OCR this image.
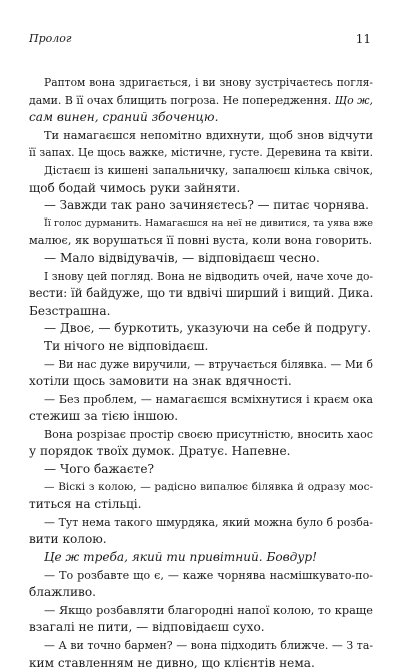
Пролог	11
Раптом вона здригається, і ви знову зустрічаєтесь погля-
дами. В її очах блищить погроза. Не попередження. Що ж,
сам винен, сраний збоченцю.
Ти намагаєшся непомітно вдихнути, щоб знов відчути
її запах. Це щось важке, містичне, густе. Деревина та квіти.
Дістаєш із кишені запальничку, запалюєш кілька свічок,
щоб бодай чимось руки зайняти.
— Завжди так рано зачиняєтесь? — питає чорнява.
Її голос дурманить. Намагаєшся на неї не дивитися, та уява вже
малює, як ворушаться її повні вуста, коли вона говорить.
— Мало відвідувачів, — відповідаєш чесно.
І знову цей погляд. Вона не відводить очей, наче хоче до-
вести: їй байдуже, що ти вдвічі ширший і вищий. Дика.
Безстрашна.
— Двоє, — буркотить, указуючи на себе й подругу.
Ти нічого не відповідаєш.
— Ви нас дуже виручили, — втручається білявка. — Ми б
хотіли щось замовити на знак вдячності.
— Без проблем, — намагаєшся всміхнутися і краєм ока
стежиш за тією іншою.
Вона розрізає простір своєю присутністю, вносить хаос
у порядок твоїх думок. Дратує. Напевне.
— Чого бажаєте?
— Віскі з колою, — радісно випалює білявка й одразу мос-
титься на стільці.
— Тут нема такого шмурдяка, який можна було б розба-
вити колою.
Це ж треба, який ти привітний. Бовдур!
— То розбавте що є, — каже чорнява насмішкувато-по-
блажливо.
— Якщо розбавляти благородні напої колою, то краще
взагалі не пити, — відповідаєш сухо.
— А ви точно бармен? — вона підходить ближче. — З та-
ким ставленням не дивно, що клієнтів нема.
